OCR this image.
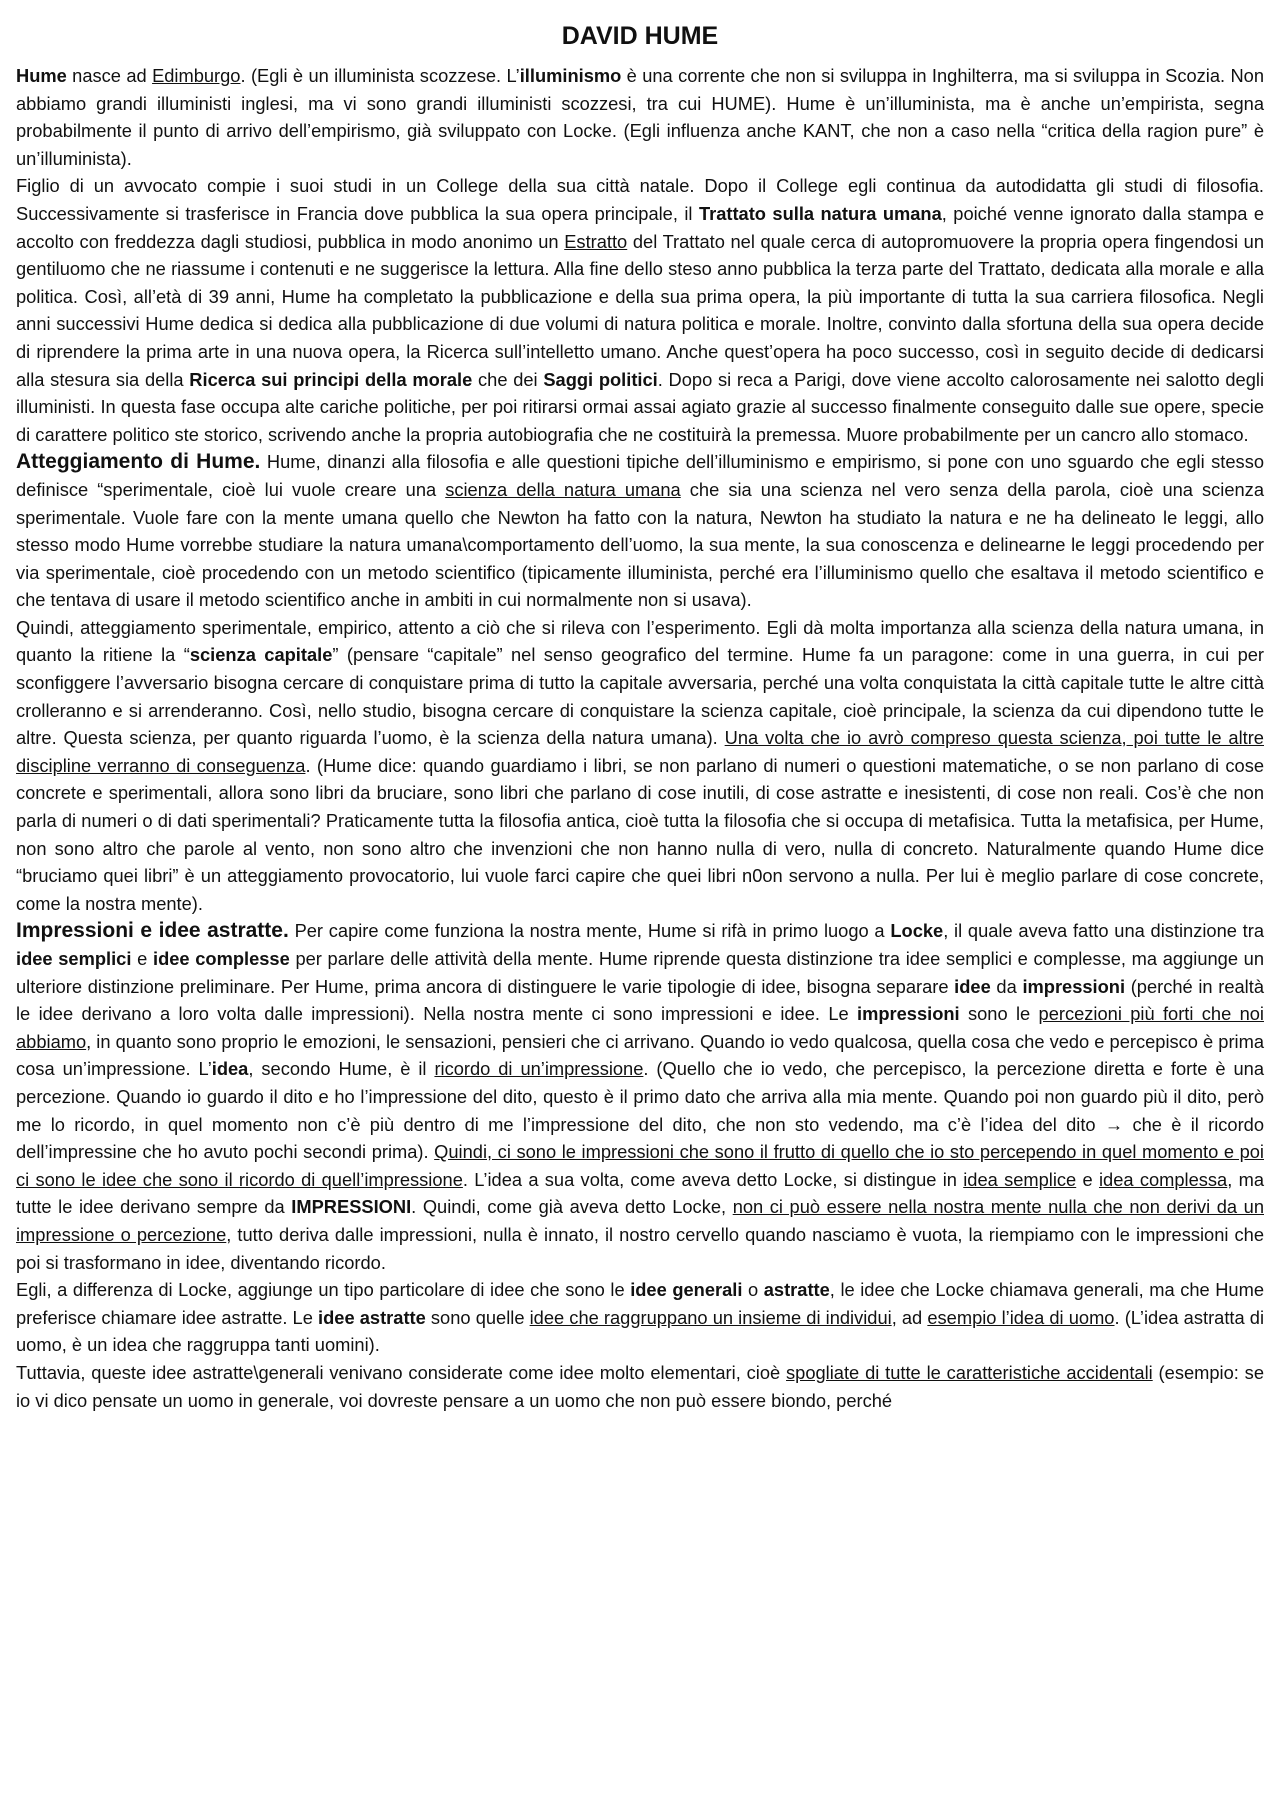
DAVID HUME

Hume nasce ad Edimburgo. (Egli è un illuminista scozzese. L’illuminismo è una corrente che non si sviluppa in Inghilterra, ma si sviluppa in Scozia. Non abbiamo grandi illuministi inglesi, ma vi sono grandi illuministi scozzesi, tra cui HUME). Hume è un’illuminista, ma è anche un’empirista, segna probabilmente il punto di arrivo dell’empirismo, già sviluppato con Locke. (Egli influenza anche KANT, che non a caso nella “critica della ragion pure” è un’illuminista).

Figlio di un avvocato compie i suoi studi in un College della sua città natale. Dopo il College egli continua da autodidatta gli studi di filosofia. Successivamente si trasferisce in Francia dove pubblica la sua opera principale, il Trattato sulla natura umana, poiché venne ignorato dalla stampa e accolto con freddezza dagli studiosi, pubblica in modo anonimo un Estratto del Trattato nel quale cerca di autopromuovere la propria opera fingendosi un gentiluomo che ne riassume i contenuti e ne suggerisce la lettura. Alla fine dello steso anno pubblica la terza parte del Trattato, dedicata alla morale e alla politica. Così, all’età di 39 anni, Hume ha completato la pubblicazione e della sua prima opera, la più importante di tutta la sua carriera filosofica. Negli anni successivi Hume dedica si dedica alla pubblicazione di due volumi di natura politica e morale. Inoltre, convinto dalla sfortuna della sua opera decide di riprendere la prima arte in una nuova opera, la Ricerca sull’intelletto umano. Anche quest’opera ha poco successo, così in seguito decide di dedicarsi alla stesura sia della Ricerca sui principi della morale che dei Saggi politici. Dopo si reca a Parigi, dove viene accolto calorosamente nei salotto degli illuministi. In questa fase occupa alte cariche politiche, per poi ritirarsi ormai assai agiato grazie al successo finalmente conseguito dalle sue opere, specie di carattere politico ste storico, scrivendo anche la propria autobiografia che ne costituirà la premessa. Muore probabilmente per un cancro allo stomaco.

Atteggiamento di Hume. Hume, dinanzi alla filosofia e alle questioni tipiche dell’illuminismo e empirismo, si pone con uno sguardo che egli stesso definisce “sperimentale, cioè lui vuole creare una scienza della natura umana che sia una scienza nel vero senza della parola, cioè una scienza sperimentale. Vuole fare con la mente umana quello che Newton ha fatto con la natura, Newton ha studiato la natura e ne ha delineato le leggi, allo stesso modo Hume vorrebbe studiare la natura umana\comportamento dell’uomo, la sua mente, la sua conoscenza e delinearne le leggi procedendo per via sperimentale, cioè procedendo con un metodo scientifico (tipicamente illuminista, perché era l’illuminismo quello che esaltava il metodo scientifico e che tentava di usare il metodo scientifico anche in ambiti in cui normalmente non si usava).

Quindi, atteggiamento sperimentale, empirico, attento a ciò che si rileva con l’esperimento. Egli dà molta importanza alla scienza della natura umana, in quanto la ritiene la “scienza capitale” (pensare “capitale” nel senso geografico del termine. Hume fa un paragone: come in una guerra, in cui per sconfiggere l’avversario bisogna cercare di conquistare prima di tutto la capitale avversaria, perché una volta conquistata la città capitale tutte le altre città crolleranno e si arrenderanno. Così, nello studio, bisogna cercare di conquistare la scienza capitale, cioè principale, la scienza da cui dipendono tutte le altre. Questa scienza, per quanto riguarda l’uomo, è la scienza della natura umana). Una volta che io avrò compreso questa scienza, poi tutte le altre discipline verranno di conseguenza. (Hume dice: quando guardiamo i libri, se non parlano di numeri o questioni matematiche, o se non parlano di cose concrete e sperimentali, allora sono libri da bruciare, sono libri che parlano di cose inutili, di cose astratte e inesistenti, di cose non reali. Cos’è che non parla di numeri o di dati sperimentali? Praticamente tutta la filosofia antica, cioè tutta la filosofia che si occupa di metafisica. Tutta la metafisica, per Hume, non sono altro che parole al vento, non sono altro che invenzioni che non hanno nulla di vero, nulla di concreto. Naturalmente quando Hume dice “bruciamo quei libri” è un atteggiamento provocatorio, lui vuole farci capire che quei libri n0on servono a nulla. Per lui è meglio parlare di cose concrete, come la nostra mente).

Impressioni e idee astratte. Per capire come funziona la nostra mente, Hume si rifà in primo luogo a Locke, il quale aveva fatto una distinzione tra idee semplici e idee complesse per parlare delle attività della mente. Hume riprende questa distinzione tra idee semplici e complesse, ma aggiunge un ulteriore distinzione preliminare. Per Hume, prima ancora di distinguere le varie tipologie di idee, bisogna separare idee da impressioni (perché in realtà le idee derivano a loro volta dalle impressioni). Nella nostra mente ci sono impressioni e idee. Le impressioni sono le percezioni più forti che noi abbiamo, in quanto sono proprio le emozioni, le sensazioni, pensieri che ci arrivano. Quando io vedo qualcosa, quella cosa che vedo e percepisco è prima cosa un’impressione. L’idea, secondo Hume, è il ricordo di un’impressione. (Quello che io vedo, che percepisco, la percezione diretta e forte è una percezione. Quando io guardo il dito e ho l’impressione del dito, questo è il primo dato che arriva alla mia mente. Quando poi non guardo più il dito, però me lo ricordo, in quel momento non c’è più dentro di me l’impressione del dito, che non sto vedendo, ma c’è l’idea del dito → che è il ricordo dell’impressine che ho avuto pochi secondi prima). Quindi, ci sono le impressioni che sono il frutto di quello che io sto percependo in quel momento e poi ci sono le idee che sono il ricordo di quell’impressione. L’idea a sua volta, come aveva detto Locke, si distingue in idea semplice e idea complessa, ma tutte le idee derivano sempre da IMPRESSIONI. Quindi, come già aveva detto Locke, non ci può essere nella nostra mente nulla che non derivi da un impressione o percezione, tutto deriva dalle impressioni, nulla è innato, il nostro cervello quando nasciamo è vuota, la riempiamo con le impressioni che poi si trasformano in idee, diventando ricordo.

Egli, a differenza di Locke, aggiunge un tipo particolare di idee che sono le idee generali o astratte, le idee che Locke chiamava generali, ma che Hume preferisce chiamare idee astratte. Le idee astratte sono quelle idee che raggruppano un insieme di individui, ad esempio l’idea di uomo. (L’idea astratta di uomo, è un idea che raggruppa tanti uomini).

Tuttavia, queste idee astratte\generali venivano considerate come idee molto elementari, cioè spogliate di tutte le caratteristiche accidentali (esempio: se io vi dico pensate un uomo in generale, voi dovreste pensare a un uomo che non può essere biondo, perché
